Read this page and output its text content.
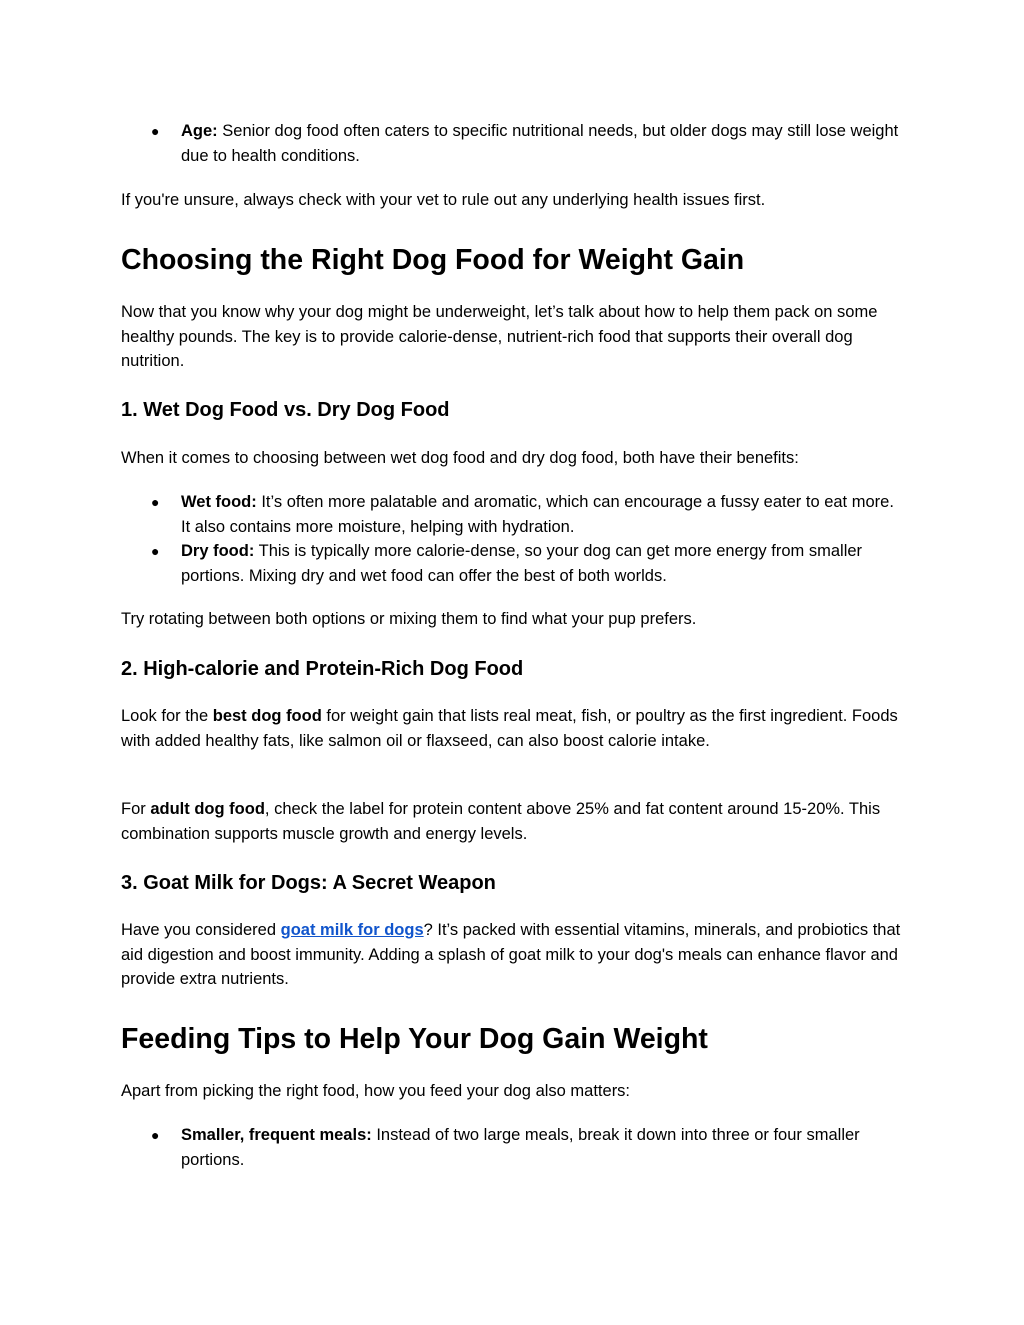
● Age: Senior dog food often caters to specific nutritional needs, but older dogs may still lose weight due to health conditions.

If you're unsure, always check with your vet to rule out any underlying health issues first.

Choosing the Right Dog Food for Weight Gain

Now that you know why your dog might be underweight, let’s talk about how to help them pack on some healthy pounds. The key is to provide calorie-dense, nutrient-rich food that supports their overall dog nutrition.

1. Wet Dog Food vs. Dry Dog Food

When it comes to choosing between wet dog food and dry dog food, both have their benefits:

● Wet food: It’s often more palatable and aromatic, which can encourage a fussy eater to eat more. It also contains more moisture, helping with hydration.
● Dry food: This is typically more calorie-dense, so your dog can get more energy from smaller portions. Mixing dry and wet food can offer the best of both worlds.

Try rotating between both options or mixing them to find what your pup prefers.

2. High-calorie and Protein-Rich Dog Food

Look for the best dog food for weight gain that lists real meat, fish, or poultry as the first ingredient. Foods with added healthy fats, like salmon oil or flaxseed, can also boost calorie intake.

For adult dog food, check the label for protein content above 25% and fat content around 15-20%. This combination supports muscle growth and energy levels.

3. Goat Milk for Dogs: A Secret Weapon

Have you considered goat milk for dogs? It’s packed with essential vitamins, minerals, and probiotics that aid digestion and boost immunity. Adding a splash of goat milk to your dog's meals can enhance flavor and provide extra nutrients.

Feeding Tips to Help Your Dog Gain Weight

Apart from picking the right food, how you feed your dog also matters:

● Smaller, frequent meals: Instead of two large meals, break it down into three or four smaller portions.
